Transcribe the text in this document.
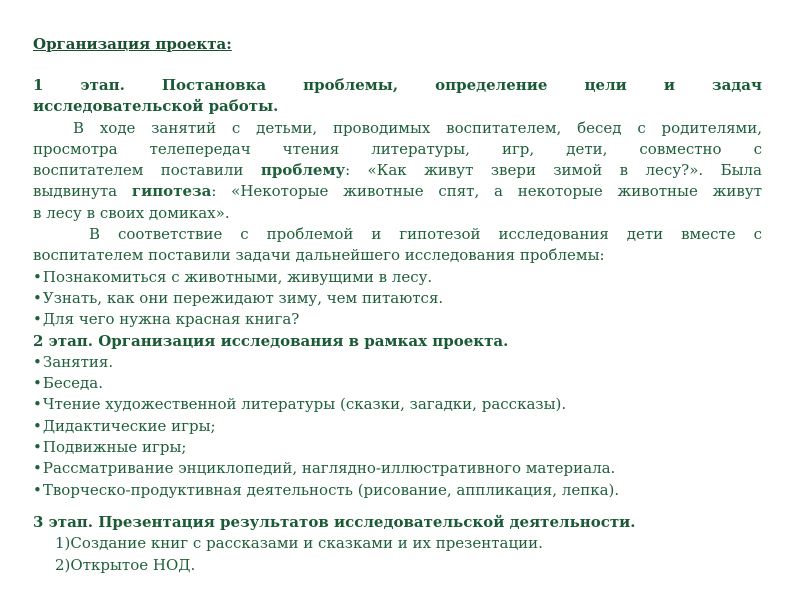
Организация проекта:
1 этап. Постановка проблемы, определение цели и задач
исследовательской работы.
В ходе занятий с детьми, проводимых воспитателем, бесед с родителями,
просмотра телепередач чтения литературы, игр, дети, совместно с
воспитателем поставили проблему: «Как живут звери зимой в лесу?». Была
выдвинута гипотеза: «Некоторые животные спят, а некоторые животные живут
в лесу в своих домиках».
В соответствие с проблемой и гипотезой исследования дети вместе с
воспитателем поставили задачи дальнейшего исследования проблемы:
• Познакомиться с животными, живущими в лесу.
• Узнать, как они пережидают зиму, чем питаются.
• Для чего нужна красная книга?
2 этап. Организация исследования в рамках проекта.
• Занятия.
• Беседа.
• Чтение художественной литературы (сказки, загадки, рассказы).
• Дидактические игры;
• Подвижные игры;
• Рассматривание энциклопедий, наглядно-иллюстративного материала.
• Творческо-продуктивная деятельность (рисование, аппликация, лепка).
3 этап. Презентация результатов исследовательской деятельности.
1)Создание книг с рассказами и сказками и их презентации.
2)Открытое НОД.
